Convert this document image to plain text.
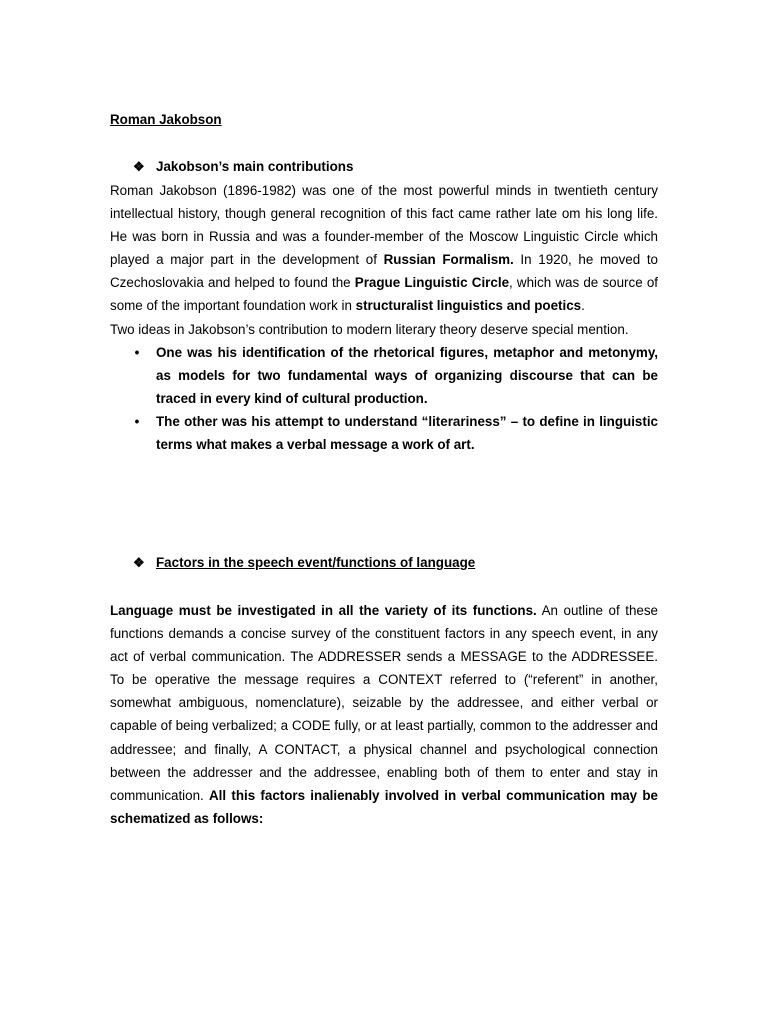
Roman Jakobson
❖ Jakobson’s main contributions

Roman Jakobson (1896-1982) was one of the most powerful minds in twentieth century intellectual history, though general recognition of this fact came rather late om his long life. He was born in Russia and was a founder-member of the Moscow Linguistic Circle which played a major part in the development of Russian Formalism. In 1920, he moved to Czechoslovakia and helped to found the Prague Linguistic Circle, which was de source of some of the important foundation work in structuralist linguistics and poetics.

Two ideas in Jakobson’s contribution to modern literary theory deserve special mention.

• One was his identification of the rhetorical figures, metaphor and metonymy, as models for two fundamental ways of organizing discourse that can be traced in every kind of cultural production.
• The other was his attempt to understand “literariness” – to define in linguistic terms what makes a verbal message a work of art.
❖ Factors in the speech event/functions of language

Language must be investigated in all the variety of its functions. An outline of these functions demands a concise survey of the constituent factors in any speech event, in any act of verbal communication. The ADDRESSER sends a MESSAGE to the ADDRESSEE. To be operative the message requires a CONTEXT referred to (“referent” in another, somewhat ambiguous, nomenclature), seizable by the addressee, and either verbal or capable of being verbalized; a CODE fully, or at least partially, common to the addresser and addressee; and finally, A CONTACT, a physical channel and psychological connection between the addresser and the addressee, enabling both of them to enter and stay in communication. All this factors inalienably involved in verbal communication may be schematized as follows:
